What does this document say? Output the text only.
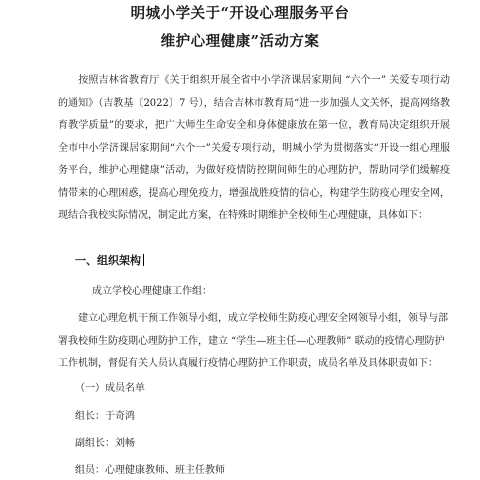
明城小学关于“开设心理服务平台
维护心理健康”活动方案

　　按照吉林省教育厅《关于组织开展全省中小学济课居家期间 “六个一” 关爱专项行动的通知》（吉教基〔2022〕7 号），结合吉林市教育局“进一步加强人文关怀，提高网络教育教学质量”的要求，把广大师生生命安全和身体健康放在第一位，教育局决定组织开展全市中小学济课居家期间“六个一”关爱专项行动，明城小学为贯彻落实“开设一组心理服务平台，维护心理健康”活动，为做好疫情防控期间师生的心理防护，帮助同学们缓解疫情带来的心理困惑，提高心理免疫力，增强战胜疫情的信心，构建学生防疫心理安全网，现结合我校实际情况，制定此方案，在特殊时期维护全校师生心理健康，具体如下：

一、组织架构

成立学校心理健康工作组：

　　建立心理危机干预工作领导小组，成立学校师生防疫心理安全网领导小组，领导与部署我校师生防疫期心理防护工作，建立 “学生—班主任—心理教师” 联动的疫情心理防护工作机制，督促有关人员认真履行疫情心理防护工作职责，成员名单及具体职责如下：

（一）成员名单

组长：于奇鸿

副组长：刘畅

组员：心理健康教师、班主任教师
